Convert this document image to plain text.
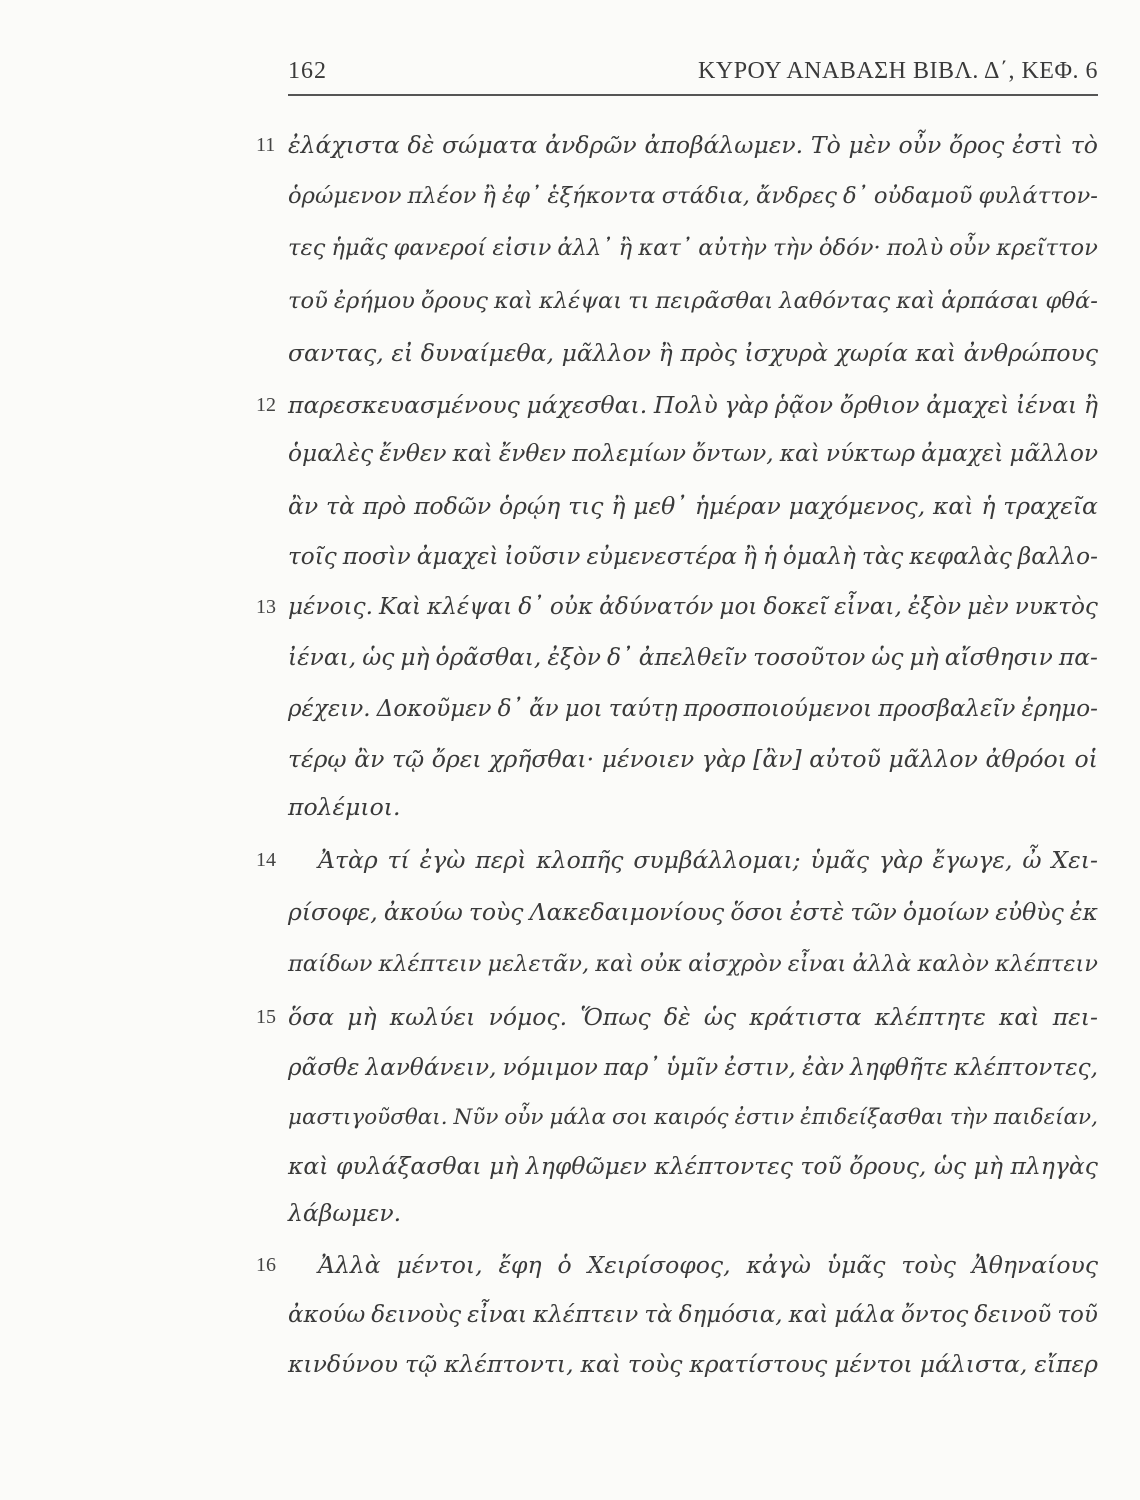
162	ΚΥΡΟΥ ΑΝΑΒΑΣΗ ΒΙΒΛ. Δ΄, ΚΕΦ. 6
11
12
13
14
15
16
ἐλάχιστα δὲ σώματα ἀνδρῶν ἀποβάλωμεν. Τὸ μὲν οὖν ὄρος ἐστὶ τὸ
ὁρώμενον πλέον ἢ ἐφ᾽ ἑξήκοντα στάδια, ἄνδρες δ᾽ οὐδαμοῦ φυλάττον-
τες ἡμᾶς φανεροί εἰσιν ἀλλ᾽ ἢ κατ᾽ αὐτὴν τὴν ὁδόν· πολὺ οὖν κρεῖττον
τοῦ ἐρήμου ὄρους καὶ κλέψαι τι πειρᾶσθαι λαθόντας καὶ ἁρπάσαι φθά-
σαντας, εἰ δυναίμεθα, μᾶλλον ἢ πρὸς ἰσχυρὰ χωρία καὶ ἀνθρώπους
παρεσκευασμένους μάχεσθαι. Πολὺ γὰρ ῥᾷον ὄρθιον ἀμαχεὶ ἰέναι ἢ
ὁμαλὲς ἔνθεν καὶ ἔνθεν πολεμίων ὄντων, καὶ νύκτωρ ἀμαχεὶ μᾶλλον
ἂν τὰ πρὸ ποδῶν ὁρῴη τις ἢ μεθ᾽ ἡμέραν μαχόμενος, καὶ ἡ τραχεῖα
τοῖς ποσὶν ἀμαχεὶ ἰοῦσιν εὐμενεστέρα ἢ ἡ ὁμαλὴ τὰς κεφαλὰς βαλλο-
μένοις. Καὶ κλέψαι δ᾽ οὐκ ἀδύνατόν μοι δοκεῖ εἶναι, ἐξὸν μὲν νυκτὸς
ἰέναι, ὡς μὴ ὁρᾶσθαι, ἐξὸν δ᾽ ἀπελθεῖν τοσοῦτον ὡς μὴ αἴσθησιν πα-
ρέχειν. Δοκοῦμεν δ᾽ ἄν μοι ταύτῃ προσποιούμενοι προσβαλεῖν ἐρημο-
τέρῳ ἂν τῷ ὄρει χρῆσθαι· μένοιεν γὰρ [ἂν] αὐτοῦ μᾶλλον ἀθρόοι οἱ
πολέμιοι.
Ἀτὰρ τί ἐγὼ περὶ κλοπῆς συμβάλλομαι; ὑμᾶς γὰρ ἔγωγε, ὦ Χει-
ρίσοφε, ἀκούω τοὺς Λακεδαιμονίους ὅσοι ἐστὲ τῶν ὁμοίων εὐθὺς ἐκ
παίδων κλέπτειν μελετᾶν, καὶ οὐκ αἰσχρὸν εἶναι ἀλλὰ καλὸν κλέπτειν
ὅσα μὴ κωλύει νόμος. Ὅπως δὲ ὡς κράτιστα κλέπτητε καὶ πει-
ρᾶσθε λανθάνειν, νόμιμον παρ᾽ ὑμῖν ἐστιν, ἐὰν ληφθῆτε κλέπτοντες,
μαστιγοῦσθαι. Νῦν οὖν μάλα σοι καιρός ἐστιν ἐπιδείξασθαι τὴν παιδείαν,
καὶ φυλάξασθαι μὴ ληφθῶμεν κλέπτοντες τοῦ ὄρους, ὡς μὴ πληγὰς
λάβωμεν.
Ἀλλὰ μέντοι, ἔφη ὁ Χειρίσοφος, κἀγὼ ὑμᾶς τοὺς Ἀθηναίους
ἀκούω δεινοὺς εἶναι κλέπτειν τὰ δημόσια, καὶ μάλα ὄντος δεινοῦ τοῦ
κινδύνου τῷ κλέπτοντι, καὶ τοὺς κρατίστους μέντοι μάλιστα, εἴπερ
